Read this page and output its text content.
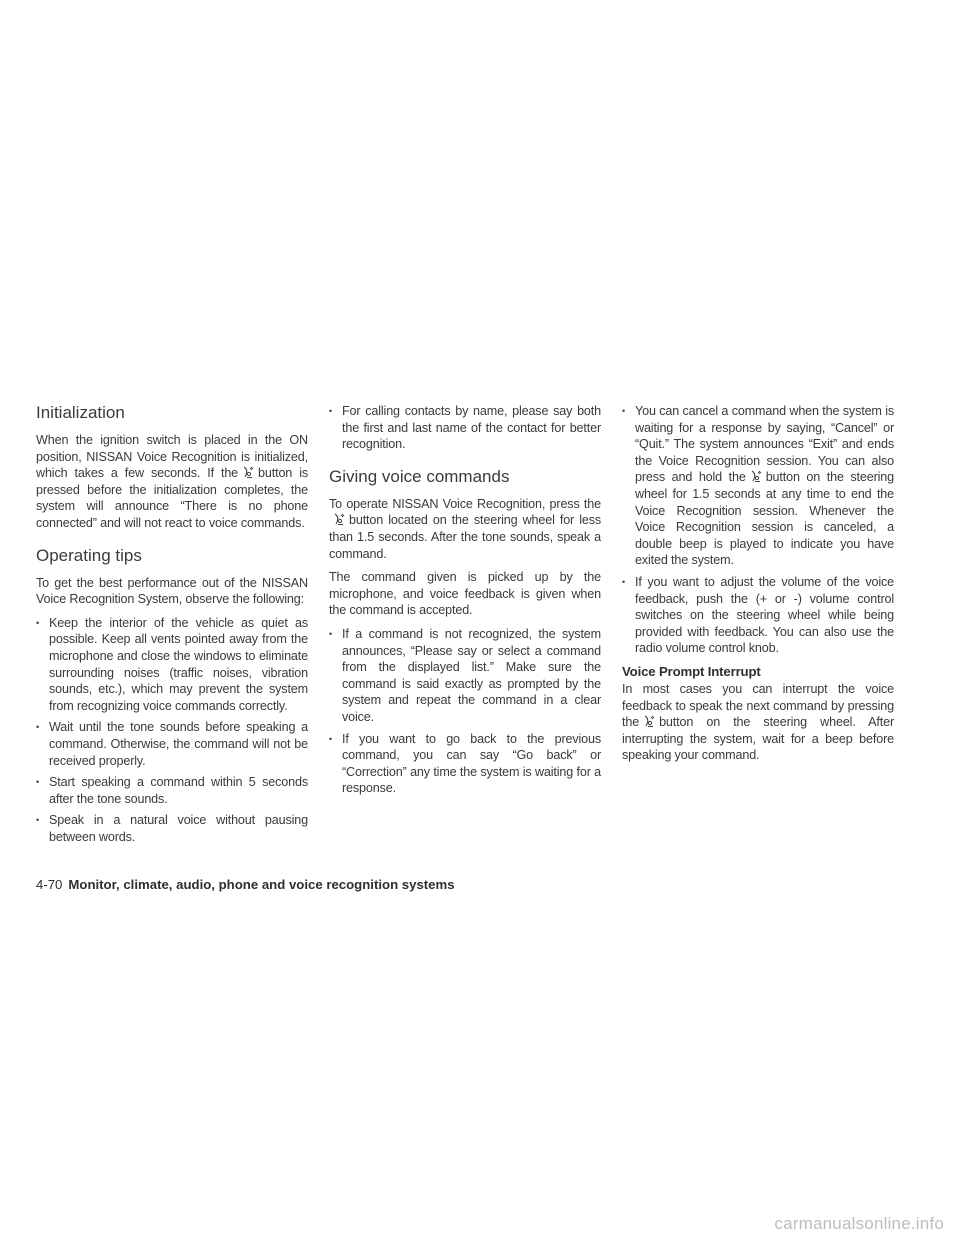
Initialization

When the ignition switch is placed in the ON position, NISSAN Voice Recognition is initialized, which takes a few seconds. If the button is pressed before the initialization completes, the system will announce “There is no phone connected” and will not react to voice commands.

Operating tips

To get the best performance out of the NISSAN Voice Recognition System, observe the following:

• Keep the interior of the vehicle as quiet as possible. Keep all vents pointed away from the microphone and close the windows to eliminate surrounding noises (traffic noises, vibration sounds, etc.), which may prevent the system from recognizing voice commands correctly.
• Wait until the tone sounds before speaking a command. Otherwise, the command will not be received properly.
• Start speaking a command within 5 seconds after the tone sounds.
• Speak in a natural voice without pausing between words.
• For calling contacts by name, please say both the first and last name of the contact for better recognition.
Giving voice commands

To operate NISSAN Voice Recognition, press the
button located on the steering wheel for less than 1.5 seconds. After the tone sounds, speak a command.

The command given is picked up by the microphone, and voice feedback is given when the command is accepted.

• If a command is not recognized, the system announces, “Please say or select a command from the displayed list.” Make sure the command is said exactly as prompted by the system and repeat the command in a clear voice.
• If you want to go back to the previous command, you can say “Go back” or “Correction” any time the system is waiting for a response.
• You can cancel a command when the system is waiting for a response by saying, “Cancel” or “Quit.” The system announces “Exit” and ends the Voice Recognition session. You can also press and hold the button on the steering wheel for 1.5 seconds at any time to end the Voice Recognition session. Whenever the Voice Recognition session is canceled, a double beep is played to indicate you have exited the system.
• If you want to adjust the volume of the voice feedback, push the (+ or -) volume control switches on the steering wheel while being provided with feedback. You can also use the radio volume control knob.
Voice Prompt Interrupt

In most cases you can interrupt the voice feedback to speak the next command by pressing the button on the steering wheel. After interrupting the system, wait for a beep before speaking your command.

4-70 Monitor, climate, audio, phone and voice recognition systems
carmanualsonline.info
